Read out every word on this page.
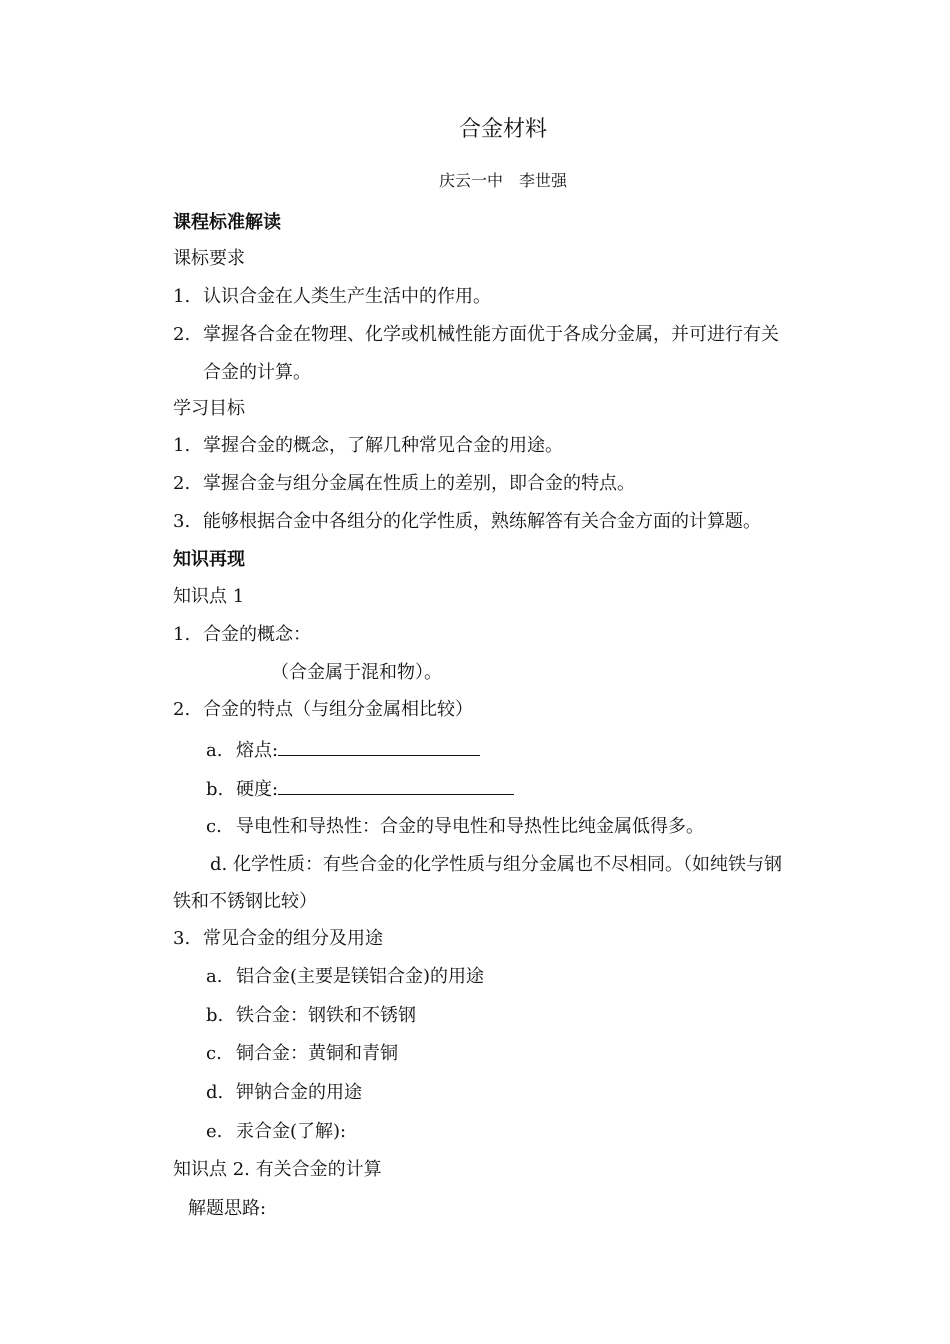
合金材料
庆云一中　李世强
课程标准解读
课标要求
1. 认识合金在人类生产生活中的作用。
2. 掌握各合金在物理、化学或机械性能方面优于各成分金属，并可进行有关
合金的计算。
学习目标
1. 掌握合金的概念，了解几种常见合金的用途。
2. 掌握合金与组分金属在性质上的差别，即合金的特点。
3. 能够根据合金中各组分的化学性质，熟练解答有关合金方面的计算题。
知识再现
知识点 1
1. 合金的概念：
（合金属于混和物）。
2. 合金的特点（与组分金属相比较）
a. 熔点:
b. 硬度:
c. 导电性和导热性：合金的导电性和导热性比纯金属低得多。
d. 化学性质：有些合金的化学性质与组分金属也不尽相同。（如纯铁与钢
铁和不锈钢比较）
3. 常见合金的组分及用途
a. 铝合金(主要是镁铝合金)的用途
b. 铁合金：钢铁和不锈钢
c. 铜合金：黄铜和青铜
d. 钾钠合金的用途
e. 汞合金(了解):
知识点 2. 有关合金的计算
解题思路:
